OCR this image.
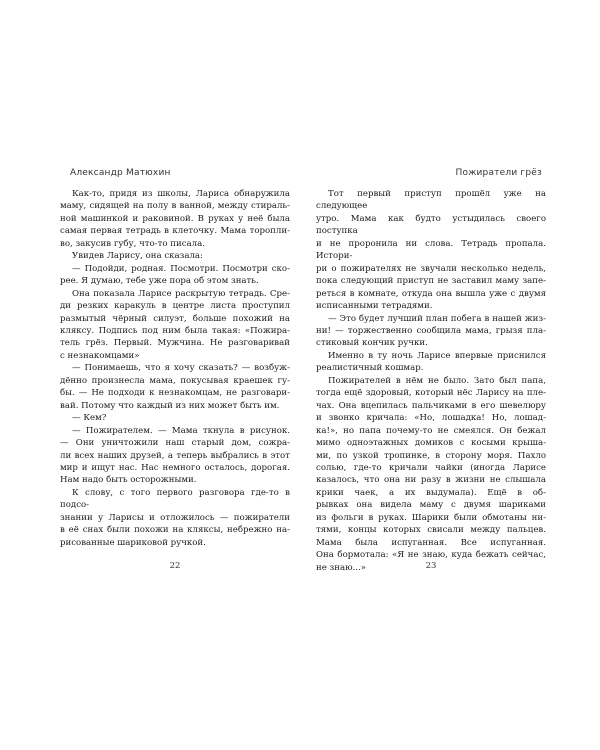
Александр Матюхин

Как-то, придя из школы, Лариса обнаружила

маму, сидящей на полу в ванной, между стираль-

ной машинкой и раковиной. В руках у неё была

самая первая тетрадь в клеточку. Мама торопли-

во, закусив губу, что-то писала.

Увидев Ларису, она сказала:

— Подойди, родная. Посмотри. Посмотри ско-

рее. Я думаю, тебе уже пора об этом знать.

Она показала Ларисе раскрытую тетрадь. Сре-

ди резких каракуль в центре листа проступил

размытый чёрный силуэт, больше похожий на

кляксу. Подпись под ним была такая: «Пожира-

тель грёз. Первый. Мужчина. Не разговаривай

с незнакомцами»

— Понимаешь, что я хочу сказать? — возбуж-

дённо произнесла мама, покусывая краешек гу-

бы. — Не подходи к незнакомцам, не разговари-

вай. Потому что каждый из них может быть им.

— Кем?

— Пожирателем. — Мама ткнула в рисунок.

— Они уничтожили наш старый дом, сожра-

ли всех наших друзей, а теперь выбрались в этот

мир и ищут нас. Нас немного осталось, дорогая.

Нам надо быть осторожными.

К слову, с того первого разговора где-то в подсо-

знании у Ларисы и отложилось — пожиратели

в её снах были похожи на кляксы, небрежно на-

рисованные шариковой ручкой.

22
Пожиратели грёз

Тот первый приступ прошёл уже на следующее

утро. Мама как будто устыдилась своего поступка

и не проронила ни слова. Тетрадь пропала. Истори-

ри о пожирателях не звучали несколько недель,

пока следующий приступ не заставил маму запе-

реться в комнате, откуда она вышла уже с двумя

исписанными тетрадями.

— Это будет лучший план побега в нашей жиз-

ни! — торжественно сообщила мама, грызя пла-

стиковый кончик ручки.

Именно в ту ночь Ларисе впервые приснился

реалистичный кошмар.

Пожирателей в нём не было. Зато был папа,

тогда ещё здоровый, который нёс Ларису на пле-

чах. Она вцепилась пальчиками в его шевелюру

и звонко кричала: «Но, лошадка! Но, лошад-

ка!», но папа почему-то не смеялся. Он бежал

мимо одноэтажных домиков с косыми крыша-

ми, по узкой тропинке, в сторону моря. Пахло

солью, где-то кричали чайки (иногда Ларисе

казалось, что она ни разу в жизни не слышала

крики чаек, а их выдумала). Ещё в об-

рывках она видела маму с двумя шариками

из фольги в руках. Шарики были обмотаны ни-

тями, концы которых свисали между пальцев.

Мама была испуганная. Все испуганная.

Она бормотала: «Я не знаю, куда бежать сейчас,

не знаю...»	23
